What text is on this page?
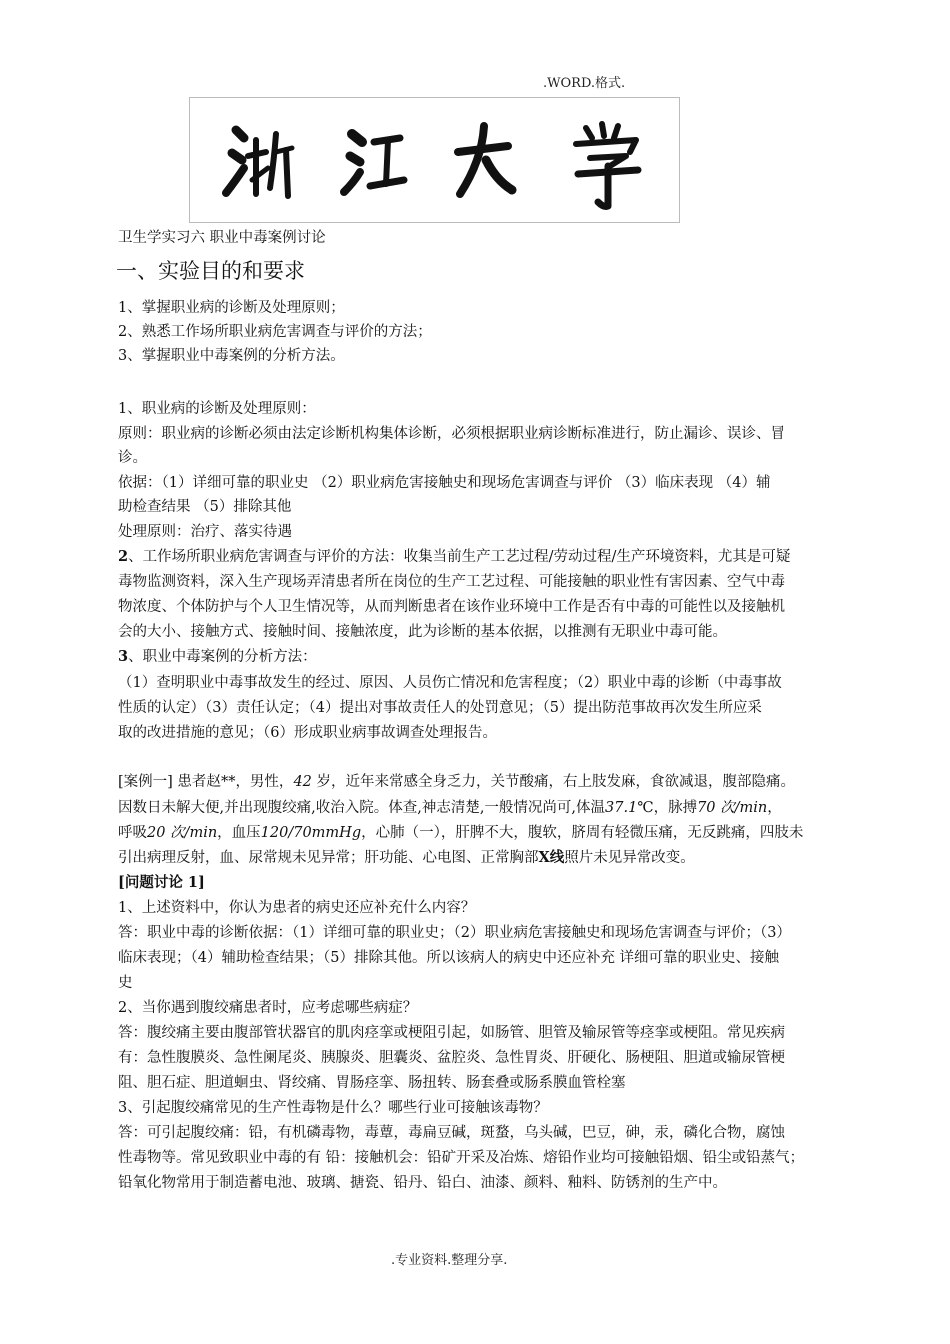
.WORD.格式.
卫生学实习六 职业中毒案例讨论
一、实验目的和要求
1、掌握职业病的诊断及处理原则；
2、熟悉工作场所职业病危害调查与评价的方法；
3、掌握职业中毒案例的分析方法。
1、职业病的诊断及处理原则：
原则：职业病的诊断必须由法定诊断机构集体诊断，必须根据职业病诊断标准进行，防止漏诊、误诊、冒
诊。
依据：（1）详细可靠的职业史 （2）职业病危害接触史和现场危害调查与评价 （3）临床表现 （4）辅
助检查结果 （5）排除其他
处理原则：治疗、落实待遇
2、工作场所职业病危害调查与评价的方法：收集当前生产工艺过程/劳动过程/生产环境资料，尤其是可疑
毒物监测资料，深入生产现场弄清患者所在岗位的生产工艺过程、可能接触的职业性有害因素、空气中毒
物浓度、个体防护与个人卫生情况等，从而判断患者在该作业环境中工作是否有中毒的可能性以及接触机
会的大小、接触方式、接触时间、接触浓度，此为诊断的基本依据，以推测有无职业中毒可能。
3、职业中毒案例的分析方法：
（1）查明职业中毒事故发生的经过、原因、人员伤亡情况和危害程度；（2）职业中毒的诊断（中毒事故
性质的认定）（3）责任认定；（4）提出对事故责任人的处罚意见；（5）提出防范事故再次发生所应采
取的改进措施的意见；（6）形成职业病事故调查处理报告。
[案例一] 患者赵**，男性，42 岁，近年来常感全身乏力，关节酸痛，右上肢发麻，食欲减退，腹部隐痛。
因数日未解大便,并出现腹绞痛,收治入院。体查,神志清楚,一般情况尚可,体温37.1℃，脉搏70 次/min，
呼吸20 次/min，血压120/70mmHg，心肺（一），肝脾不大，腹软，脐周有轻微压痛，无反跳痛，四肢未
引出病理反射，血、尿常规未见异常；肝功能、心电图、正常胸部X线照片未见异常改变。
[问题讨论 1]
1、上述资料中，你认为患者的病史还应补充什么内容？
答：职业中毒的诊断依据：（1）详细可靠的职业史；（2）职业病危害接触史和现场危害调查与评价；（3）
临床表现；（4）辅助检查结果；（5）排除其他。所以该病人的病史中还应补充 详细可靠的职业史、接触
史
2、当你遇到腹绞痛患者时，应考虑哪些病症？
答：腹绞痛主要由腹部管状器官的肌肉痉挛或梗阻引起，如肠管、胆管及输尿管等痉挛或梗阻。常见疾病
有：急性腹膜炎、急性阑尾炎、胰腺炎、胆囊炎、盆腔炎、急性胃炎、肝硬化、肠梗阻、胆道或输尿管梗
阻、胆石症、胆道蛔虫、肾绞痛、胃肠痉挛、肠扭转、肠套叠或肠系膜血管栓塞
3、引起腹绞痛常见的生产性毒物是什么？哪些行业可接触该毒物？
答：可引起腹绞痛：铅，有机磷毒物，毒蕈，毒扁豆碱，斑蝥，乌头碱，巴豆，砷，汞，磷化合物，腐蚀
性毒物等。常见致职业中毒的有 铅：接触机会：铅矿开采及冶炼、熔铅作业均可接触铅烟、铅尘或铅蒸气；
铅氧化物常用于制造蓄电池、玻璃、搪瓷、铅丹、铅白、油漆、颜料、釉料、防锈剂的生产中。
.专业资料.整理分享.
